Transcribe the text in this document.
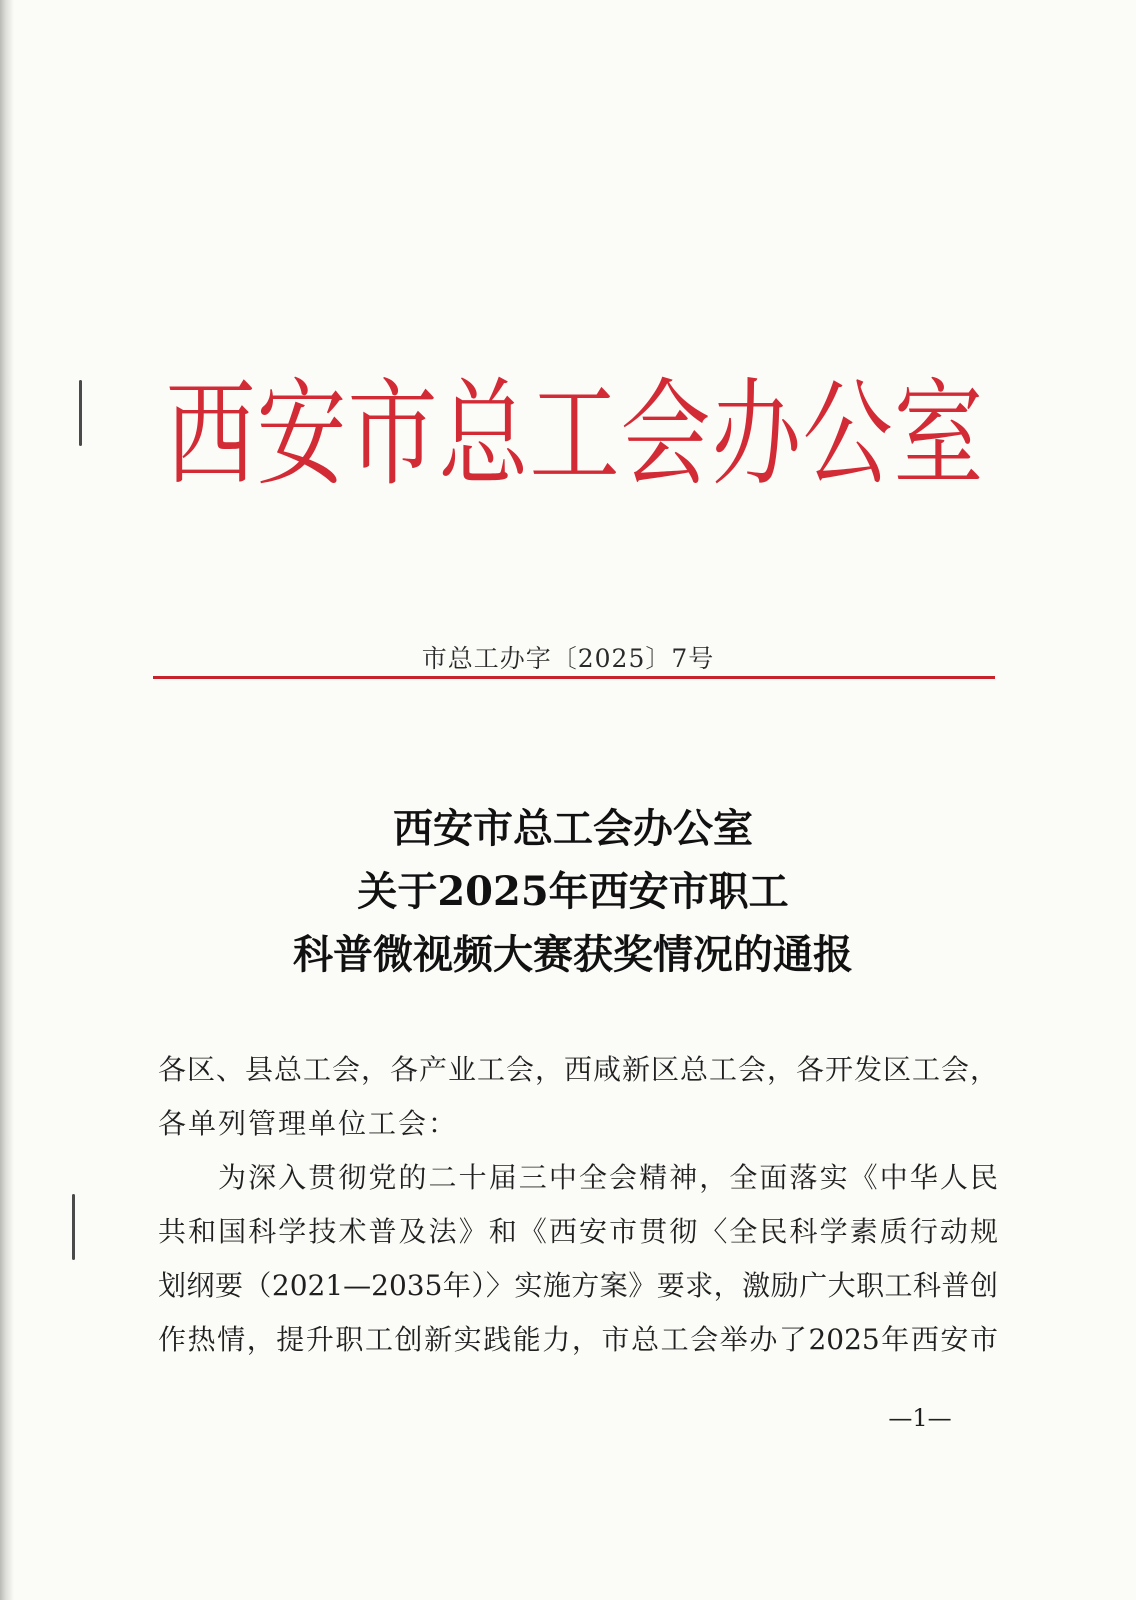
西安市总工会办公室
市总工办字〔2025〕7号
西安市总工会办公室
关于2025年西安市职工
科普微视频大赛获奖情况的通报
各区、县总工会，各产业工会，西咸新区总工会，各开发区工会，
各单列管理单位工会：
为深入贯彻党的二十届三中全会精神，全面落实《中华人民
共和国科学技术普及法》和《西安市贯彻〈全民科学素质行动规
划纲要（2021—2035年）〉实施方案》要求，激励广大职工科普创
作热情，提升职工创新实践能力，市总工会举办了2025年西安市
—1—
